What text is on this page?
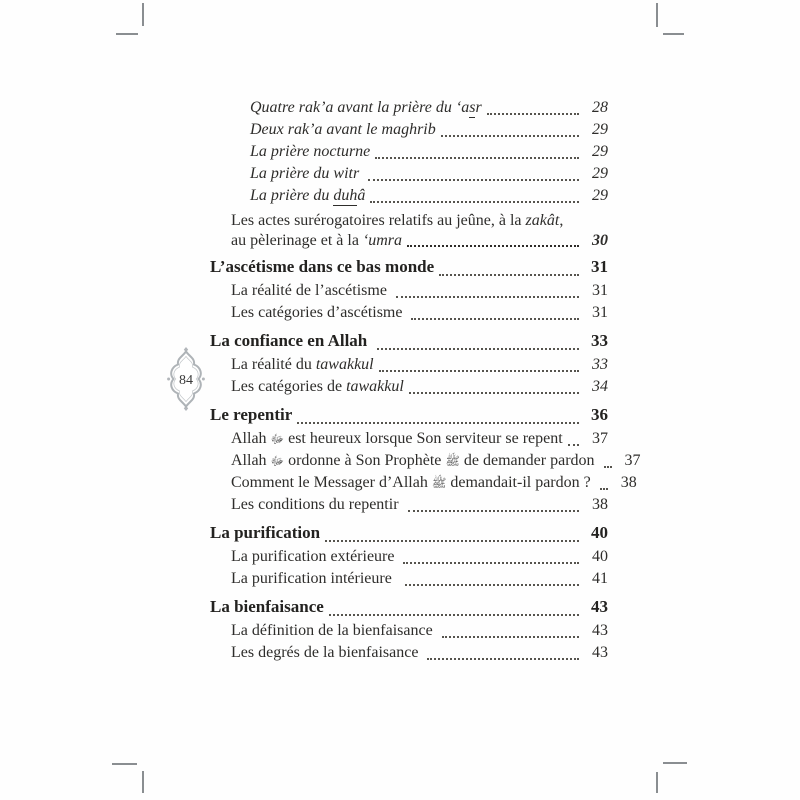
84
Quatre rak’a avant la prière du ‘asr	28
Deux rak’a avant le maghrib	29
La prière nocturne	29
La prière du witr	29
La prière du duhâ	29
Les actes surérogatoires relatifs au jeûne, à la zakât,
au pèlerinage et à la ‘umra	30
L’ascétisme dans ce bas monde	31
La réalité de l’ascétisme	31
Les catégories d’ascétisme	31
La confiance en Allah	33
La réalité du tawakkul	33
Les catégories de tawakkul	34
Le repentir	36
Allah ﷻ est heureux lorsque Son serviteur se repent	37
Allah ﷻ ordonne à Son Prophète ﷺ de demander pardon	37
Comment le Messager d’Allah ﷺ demandait-il pardon ?	38
Les conditions du repentir	38
La purification	40
La purification extérieure	40
La purification intérieure	41
La bienfaisance	43
La définition de la bienfaisance	43
Les degrés de la bienfaisance	43
